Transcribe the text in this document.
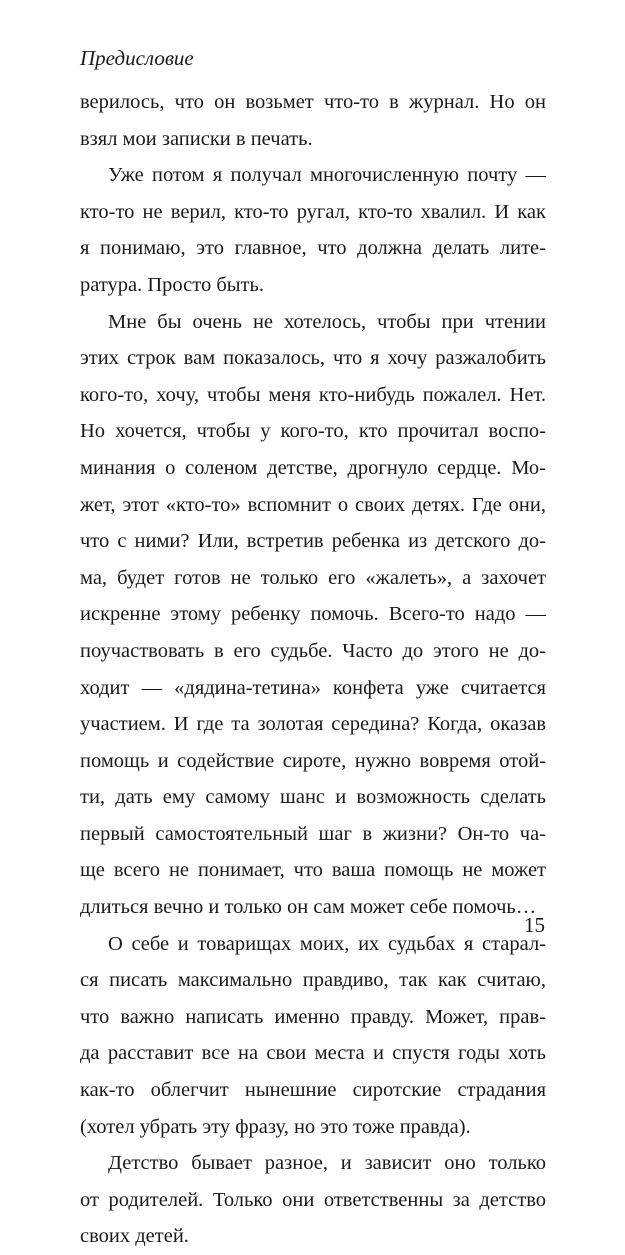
Предисловие

верилось, что он возьмет что-то в журнал. Но он
взял мои записки в печать.
Уже потом я получал многочисленную почту —
кто-то не верил, кто-то ругал, кто-то хвалил. И как
я понимаю, это главное, что должна делать лите-
ратура. Просто быть.
Мне бы очень не хотелось, чтобы при чтении
этих строк вам показалось, что я хочу разжалобить
кого-то, хочу, чтобы меня кто-нибудь пожалел. Нет.
Но хочется, чтобы у кого-то, кто прочитал воспо-
минания о соленом детстве, дрогнуло сердце. Мо-
жет, этот «кто-то» вспомнит о своих детях. Где они,
что с ними? Или, встретив ребенка из детского до-
ма, будет готов не только его «жалеть», а захочет
искренне этому ребенку помочь. Всего-то надо —
поучаствовать в его судьбе. Часто до этого не до-
ходит — «дядина-тетина» конфета уже считается
участием. И где та золотая середина? Когда, оказав
помощь и содействие сироте, нужно вовремя отой-
ти, дать ему самому шанс и возможность сделать
первый самостоятельный шаг в жизни? Он-то ча-
ще всего не понимает, что ваша помощь не может
длиться вечно и только он сам может себе помочь…
О себе и товарищах моих, их судьбах я старал-
ся писать максимально правдиво, так как считаю,
что важно написать именно правду. Может, прав-
да расставит все на свои места и спустя годы хоть
как-то облегчит нынешние сиротские страдания
(хотел убрать эту фразу, но это тоже правда).
Детство бывает разное, и зависит оно только
от родителей. Только они ответственны за детство
своих детей.

15
